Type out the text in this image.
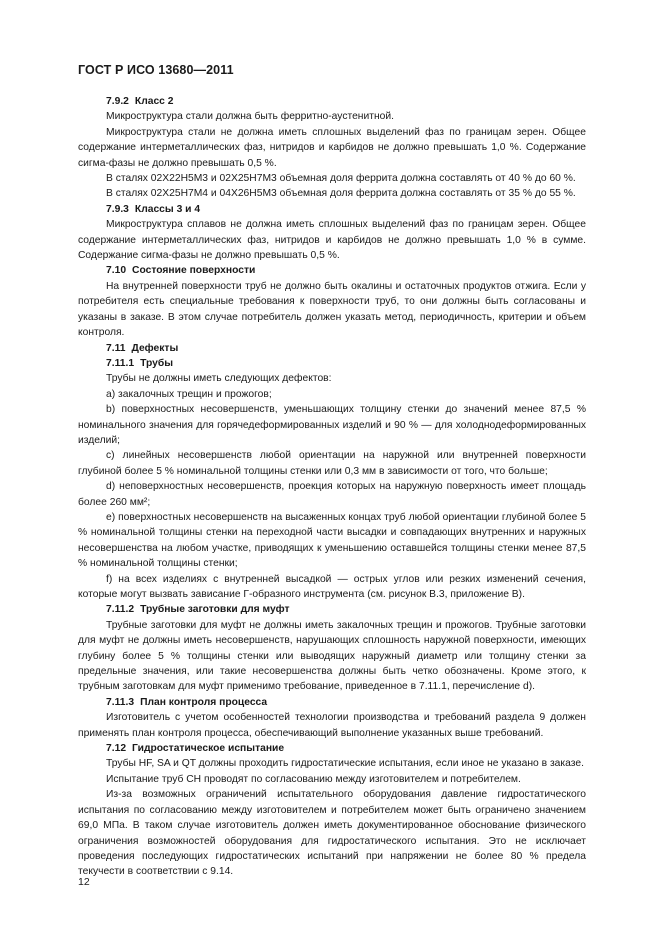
ГОСТ Р ИСО 13680—2011
7.9.2 Класс 2

Микроструктура стали должна быть ферритно-аустенитной.

Микроструктура стали не должна иметь сплошных выделений фаз по границам зерен. Общее содержание интерметаллических фаз, нитридов и карбидов не должно превышать 1,0 %. Содержание сигма-фазы не должно превышать 0,5 %.

В сталях 02Х22Н5М3 и 02Х25Н7М3 объемная доля феррита должна составлять от 40 % до 60 %.

В сталях 02Х25Н7М4 и 04Х26Н5М3 объемная доля феррита должна составлять от 35 % до 55 %.

7.9.3 Классы 3 и 4

Микроструктура сплавов не должна иметь сплошных выделений фаз по границам зерен. Общее содержание интерметаллических фаз, нитридов и карбидов не должно превышать 1,0 % в сумме. Содержание сигма-фазы не должно превышать 0,5 %.

7.10 Состояние поверхности

На внутренней поверхности труб не должно быть окалины и остаточных продуктов отжига. Если у потребителя есть специальные требования к поверхности труб, то они должны быть согласованы и указаны в заказе. В этом случае потребитель должен указать метод, периодичность, критерии и объем контроля.

7.11 Дефекты
7.11.1 Трубы

Трубы не должны иметь следующих дефектов:

а) закалочных трещин и прожогов;

b) поверхностных несовершенств, уменьшающих толщину стенки до значений менее 87,5 % номинального значения для горячедеформированных изделий и 90 % — для холоднодеформированных изделий;

c) линейных несовершенств любой ориентации на наружной или внутренней поверхности глубиной более 5 % номинальной толщины стенки или 0,3 мм в зависимости от того, что больше;

d) неповерхностных несовершенств, проекция которых на наружную поверхность имеет площадь более 260 мм²;

e) поверхностных несовершенств на высаженных концах труб любой ориентации глубиной более 5 % номинальной толщины стенки на переходной части высадки и совпадающих внутренних и наружных несовершенства на любом участке, приводящих к уменьшению оставшейся толщины стенки менее 87,5 % номинальной толщины стенки;

f) на всех изделиях с внутренней высадкой — острых углов или резких изменений сечения, которые могут вызвать зависание Г-образного инструмента (см. рисунок В.3, приложение В).

7.11.2 Трубные заготовки для муфт

Трубные заготовки для муфт не должны иметь закалочных трещин и прожогов. Трубные заготовки для муфт не должны иметь несовершенств, нарушающих сплошность наружной поверхности, имеющих глубину более 5 % толщины стенки или выводящих наружный диаметр или толщину стенки за предельные значения, или такие несовершенства должны быть четко обозначены. Кроме этого, к трубным заготовкам для муфт применимо требование, приведенное в 7.11.1, перечисление d).

7.11.3 План контроля процесса

Изготовитель с учетом особенностей технологии производства и требований раздела 9 должен применять план контроля процесса, обеспечивающий выполнение указанных выше требований.

7.12 Гидростатическое испытание

Трубы HF, SA и QT должны проходить гидростатические испытания, если иное не указано в заказе.

Испытание труб CH проводят по согласованию между изготовителем и потребителем.

Из-за возможных ограничений испытательного оборудования давление гидростатического испытания по согласованию между изготовителем и потребителем может быть ограничено значением 69,0 МПа. В таком случае изготовитель должен иметь документированное обоснование физического ограничения возможностей оборудования для гидростатического испытания. Это не исключает проведения последующих гидростатических испытаний при напряжении не более 80 % предела текучести в соответствии с 9.14.

12
